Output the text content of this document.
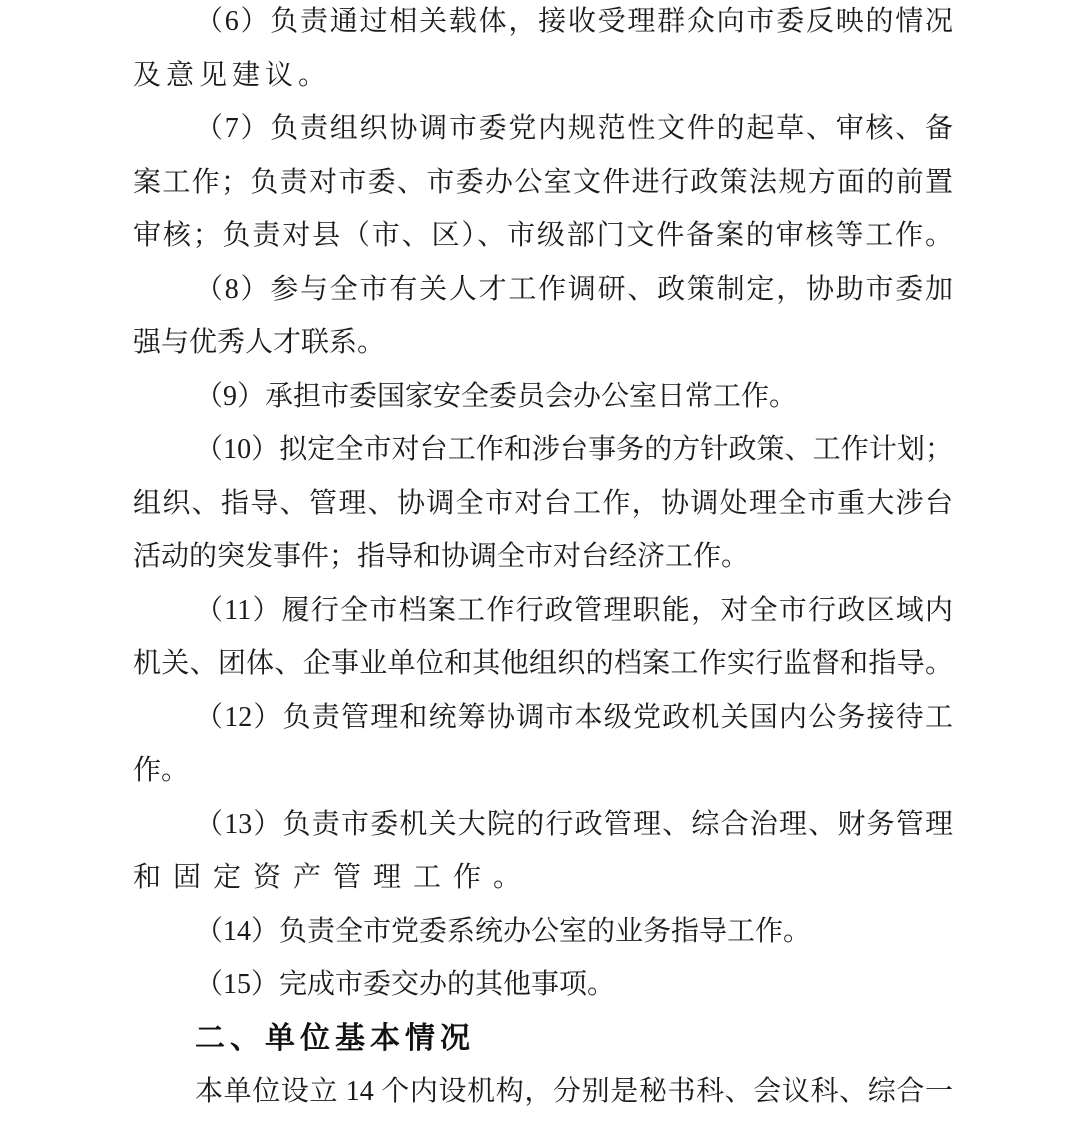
（6）负责通过相关载体，接收受理群众向市委反映的情况
及意见建议。
（7）负责组织协调市委党内规范性文件的起草、审核、备
案工作；负责对市委、市委办公室文件进行政策法规方面的前置
审核；负责对县（市、区）、市级部门文件备案的审核等工作。
（8）参与全市有关人才工作调研、政策制定，协助市委加
强与优秀人才联系。
（9）承担市委国家安全委员会办公室日常工作。
（10）拟定全市对台工作和涉台事务的方针政策、工作计划；
组织、指导、管理、协调全市对台工作，协调处理全市重大涉台
活动的突发事件；指导和协调全市对台经济工作。
（11）履行全市档案工作行政管理职能，对全市行政区域内
机关、团体、企事业单位和其他组织的档案工作实行监督和指导。
（12）负责管理和统筹协调市本级党政机关国内公务接待工
作。
（13）负责市委机关大院的行政管理、综合治理、财务管理
和固定资产管理工作。
（14）负责全市党委系统办公室的业务指导工作。
（15）完成市委交办的其他事项。
二、单位基本情况
本单位设立 14 个内设机构，分别是秘书科、会议科、综合一
